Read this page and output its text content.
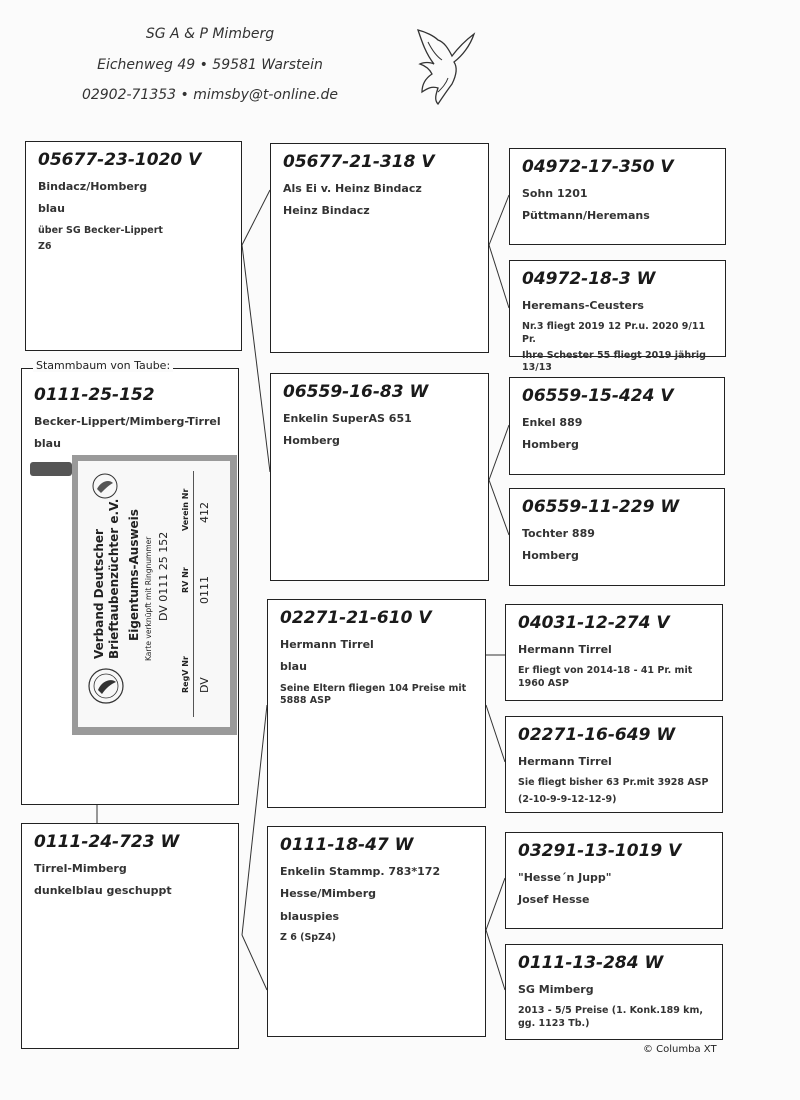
SG A & P Mimberg
Eichenweg 49 • 59581 Warstein
02902-71353 • mimsby@t-online.de
05677-23-1020 V
Bindacz/Homberg
blau
über SG Becker-Lippert
Z6
0111-25-152
Becker-Lippert/Mimberg-Tirrel
blau
Stammbaum von Taube:
0111-24-723 W
Tirrel-Mimberg
dunkelblau geschuppt
05677-21-318 V
Als Ei v. Heinz Bindacz
Heinz Bindacz
06559-16-83 W
Enkelin SuperAS 651
Homberg
02271-21-610 V
Hermann Tirrel
blau
Seine Eltern fliegen 104 Preise mit 5888 ASP
0111-18-47 W
Enkelin Stammp. 783*172
Hesse/Mimberg
blauspies
Z 6 (SpZ4)
04972-17-350 V
Sohn 1201
Püttmann/Heremans
04972-18-3 W
Heremans-Ceusters
Nr.3 fliegt 2019 12 Pr.u. 2020 9/11 Pr.
Ihre Schester 55 fliegt 2019 jährig 13/13
06559-15-424 V
Enkel 889
Homberg
06559-11-229 W
Tochter 889
Homberg
04031-12-274 V
Hermann Tirrel
Er fliegt von 2014-18 - 41 Pr. mit 1960 ASP
02271-16-649 W
Hermann Tirrel
Sie fliegt bisher 63 Pr.mit 3928 ASP
(2-10-9-9-12-12-9)
03291-13-1019 V
"Hesse´n Jupp"
Josef Hesse
0111-13-284 W
SG Mimberg
2013 - 5/5 Preise (1. Konk.189 km, gg. 1123 Tb.)
Verband Deutscher Brieftaubenzüchter e.V. Eigentums-Ausweis Karte verknüpft mit Ringnummer DV 0111 25 152
RegV Nr
RV Nr
Verein Nr
DV
0111
412
© Columba XT
